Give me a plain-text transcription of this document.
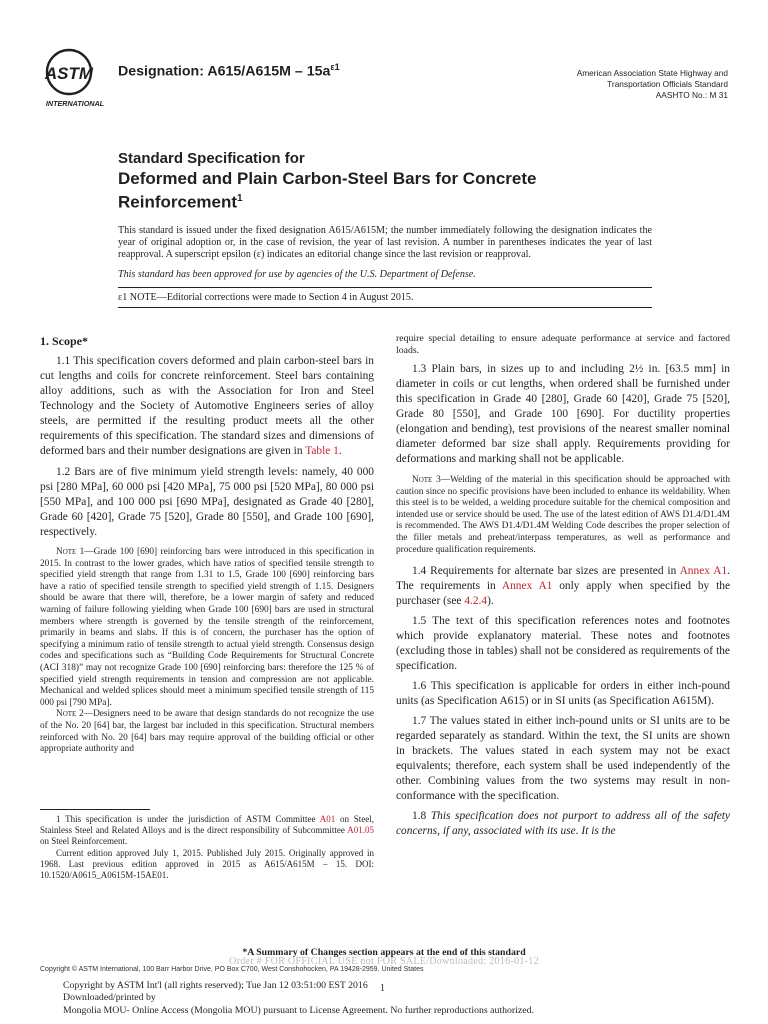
ASTM
INTERNATIONAL
Designation: $A615/A615M - 15a^{\varepsilon 1}$
American Association State Highway and
Transportation Officials Standard
AASHTO No.: M 31
Standard Specification for
Deformed and Plain Carbon-Steel Bars for Concrete
Reinforcement$^1$
This standard is issued under the fixed designation A615/A615M; the number immediately following the designation indicates the year of original adoption or, in the case of revision, the year of last revision. A number in parentheses indicates the year of last reapproval. A superscript epsilon (ε) indicates an editorial change since the last revision or reapproval.
This standard has been approved for use by agencies of the U.S. Department of Defense.
ε1 NOTE—Editorial corrections were made to Section 4 in August 2015.

1. Scope*

1.1 This specification covers deformed and plain carbon-steel bars in cut lengths and coils for concrete reinforcement. Steel bars containing alloy additions, such as with the Association for Iron and Steel Technology and the Society of Automotive Engineers series of alloy steels, are permitted if the resulting product meets all the other requirements of this specification. The standard sizes and dimensions of deformed bars and their number designations are given in Table 1.

1.2 Bars are of five minimum yield strength levels: namely, 40 000 psi [280 MPa], 60 000 psi [420 MPa], 75 000 psi [520 MPa], 80 000 psi [550 MPa], and 100 000 psi [690 MPa], designated as Grade 40 [280], Grade 60 [420], Grade 75 [520], Grade 80 [550], and Grade 100 [690], respectively.

Note 1—Grade 100 [690] reinforcing bars were introduced in this specification in 2015. In contrast to the lower grades, which have ratios of specified tensile strength to specified yield strength that range from 1.31 to 1.5, Grade 100 [690] reinforcing bars have a ratio of specified tensile strength to specified yield strength of 1.15. Designers should be aware that there will, therefore, be a lower margin of safety and reduced warning of failure following yielding when Grade 100 [690] bars are used in structural members where strength is governed by the tensile strength of the reinforcement, primarily in beams and slabs. If this is of concern, the purchaser has the option of specifying a minimum ratio of tensile strength to actual yield strength. Consensus design codes and specifications such as “Building Code Requirements for Structural Concrete (ACI 318)” may not recognize Grade 100 [690] reinforcing bars: therefore the 125 % of specified yield strength requirements in tension and compression are not applicable. Mechanical and welded splices should meet a minimum specified tensile strength of 115 000 psi [790 MPa].

Note 2—Designers need to be aware that design standards do not recognize the use of the No. 20 [64] bar, the largest bar included in this specification. Structural members reinforced with No. 20 [64] bars may require approval of the building official or other appropriate authority and

1 This specification is under the jurisdiction of ASTM Committee A01 on Steel, Stainless Steel and Related Alloys and is the direct responsibility of Subcommittee A01.05 on Steel Reinforcement.

Current edition approved July 1, 2015. Published July 2015. Originally approved in 1968. Last previous edition approved in 2015 as A615/A615M – 15. DOI: 10.1520/A0615_A0615M-15AE01.

require special detailing to ensure adequate performance at service and factored loads.

1.3 Plain bars, in sizes up to and including 2½ in. [63.5 mm] in diameter in coils or cut lengths, when ordered shall be furnished under this specification in Grade 40 [280], Grade 60 [420], Grade 75 [520], Grade 80 [550], and Grade 100 [690]. For ductility properties (elongation and bending), test provisions of the nearest smaller nominal diameter deformed bar size shall apply. Requirements providing for deformations and marking shall not be applicable.

Note 3—Welding of the material in this specification should be approached with caution since no specific provisions have been included to enhance its weldability. When this steel is to be welded, a welding procedure suitable for the chemical composition and intended use or service should be used. The use of the latest edition of AWS D1.4/D1.4M is recommended. The AWS D1.4/D1.4M Welding Code describes the proper selection of the filler metals and preheat/interpass temperatures, as well as performance and procedure qualification requirements.

1.4 Requirements for alternate bar sizes are presented in Annex A1. The requirements in Annex A1 only apply when specified by the purchaser (see 4.2.4).

1.5 The text of this specification references notes and footnotes which provide explanatory material. These notes and footnotes (excluding those in tables) shall not be considered as requirements of the specification.

1.6 This specification is applicable for orders in either inch-pound units (as Specification A615) or in SI units (as Specification A615M).

1.7 The values stated in either inch-pound units or SI units are to be regarded separately as standard. Within the text, the SI units are shown in brackets. The values stated in each system may not be exact equivalents; therefore, each system shall be used independently of the other. Combining values from the two systems may result in non-conformance with the specification.

1.8 This specification does not purport to address all of the safety concerns, if any, associated with its use. It is the

*A Summary of Changes section appears at the end of this standard
Order # FOR OFFICIAL USE not FOR SALE/Downloaded: 2016-01-12
Copyright © ASTM International, 100 Barr Harbor Drive, PO Box C700, West Conshohocken, PA 19428-2959. United States
Copyright by ASTM Int'l (all rights reserved); Tue Jan 12 03:51:00 EST 2016
Downloaded/printed by
Mongolia MOU- Online Access (Mongolia MOU) pursuant to License Agreement. No further reproductions authorized.
1
